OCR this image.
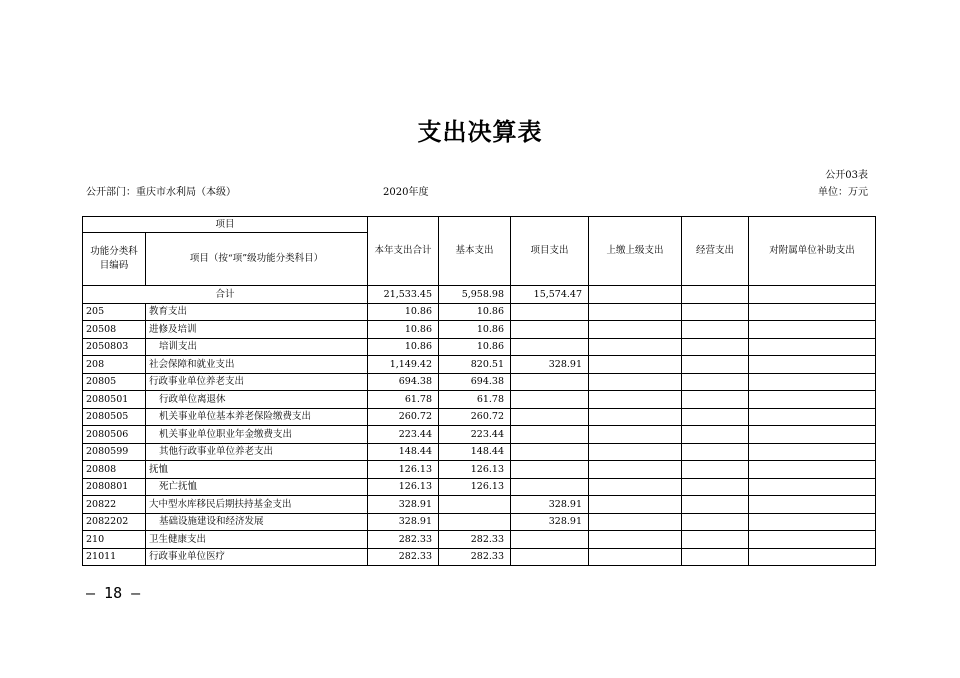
支出决算表
公开03表
公开部门：重庆市水利局（本级）	2020年度	单位：万元
项目		本年支出合计	基本支出	项目支出	上缴上级支出	经营支出	对附属单位补助支出
功能分类科目编码	项目（按“项”级功能分类科目）						
合计		21,533.45	5,958.98	15,574.47			
205	教育支出	10.86	10.86				
20508	进修及培训	10.86	10.86				
2050803	培训支出	10.86	10.86				
208	社会保障和就业支出	1,149.42	820.51	328.91			
20805	行政事业单位养老支出	694.38	694.38				
2080501	行政单位离退休	61.78	61.78				
2080505	机关事业单位基本养老保险缴费支出	260.72	260.72				
2080506	机关事业单位职业年金缴费支出	223.44	223.44				
2080599	其他行政事业单位养老支出	148.44	148.44				
20808	抚恤	126.13	126.13				
2080801	死亡抚恤	126.13	126.13				
20822	大中型水库移民后期扶持基金支出	328.91		328.91			
2082202	基础设施建设和经济发展	328.91		328.91			
210	卫生健康支出	282.33	282.33				
21011	行政事业单位医疗	282.33	282.33				
— 18 —
